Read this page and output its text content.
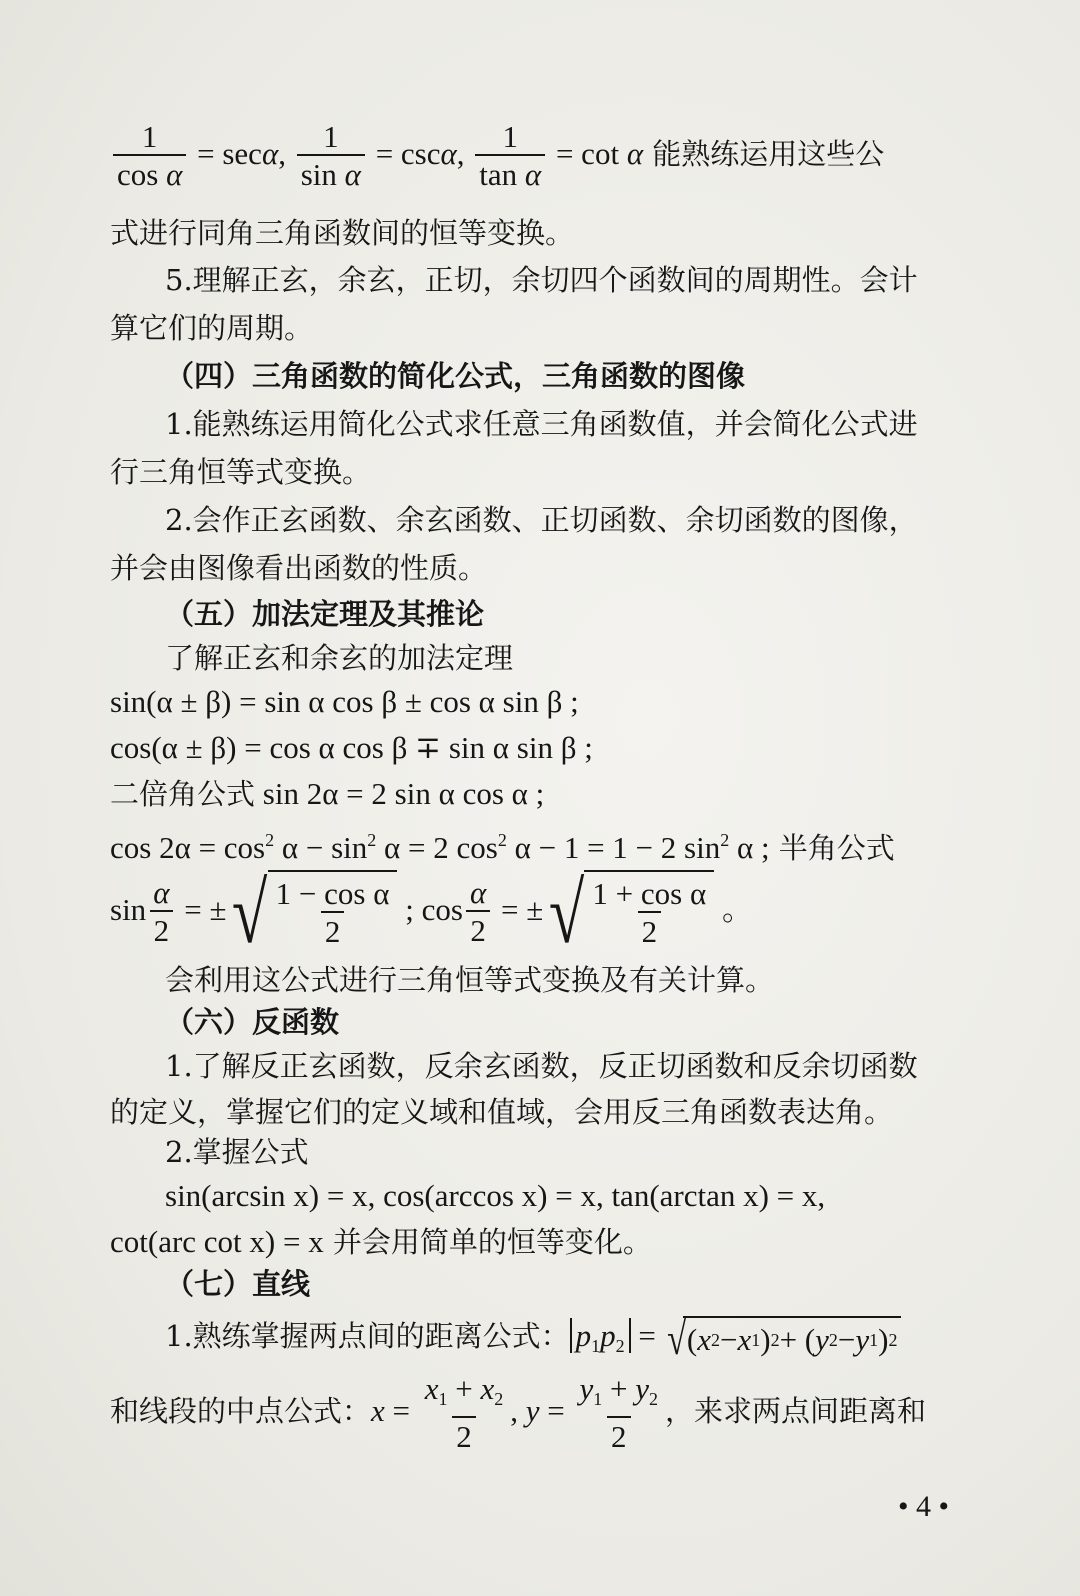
$\frac{1}{\text{cos α}} = \sec\alpha$, $\frac{1}{\text{sin α}} = \csc\alpha$, $\frac{1}{\text{tan α}} = \cot \alpha$ 能熟练运用这些公
式进行同角三角函数间的恒等变换。
5.理解正玄，余玄，正切，余切四个函数间的周期性。会计
算它们的周期。
（四）三角函数的简化公式，三角函数的图像
1.能熟练运用简化公式求任意三角函数值，并会简化公式进
行三角恒等式变换。
2.会作正玄函数、余玄函数、正切函数、余切函数的图像，
并会由图像看出函数的性质。
（五）加法定理及其推论
了解正玄和余玄的加法定理
sin(α ± β) = sin α cos β ± cos α sin β ;
cos(α ± β) = cos α cos β ∓ sin α sin β ;
二倍角公式 sin 2α = 2 sin α cos α ;
$\cos 2\alpha = \cos^2 \alpha - \sin^2 \alpha = 2$ $\cos^2 \alpha - 1 = 1 - 2$ $\sin^2 \alpha$ ; 半角公式
$\sin \frac{\alpha}{2}$ = ± √ $\frac{\text{1 − cos α}}{2}$ ; $\cos \frac{\alpha}{2}$ = ± √ $\frac{\text{1 + cos α}}{2}$ 。
会利用这公式进行三角恒等式变换及有关计算。
（六）反函数
1.了解反正玄函数，反余玄函数，反正切函数和反余切函数
的定义，掌握它们的定义域和值域，会用反三角函数表达角。
2.掌握公式
sin(arcsin x) = x, cos(arccos x) = x, tan(arctan x) = x,
cot(arc cot x) = x 并会用简单的恒等变化。
（七）直线
1.熟练掌握两点间的距离公式： $p_1p_2$ = √ ( x 2 − x 1 ) 2 + ( y 2 − y 1 ) 2
和线段的中点公式：$x = \frac{x_1 + x_2}{2}$ , $y = \frac{y_1 + y_2}{2}$ ，来求两点间距离和
• 4 •
